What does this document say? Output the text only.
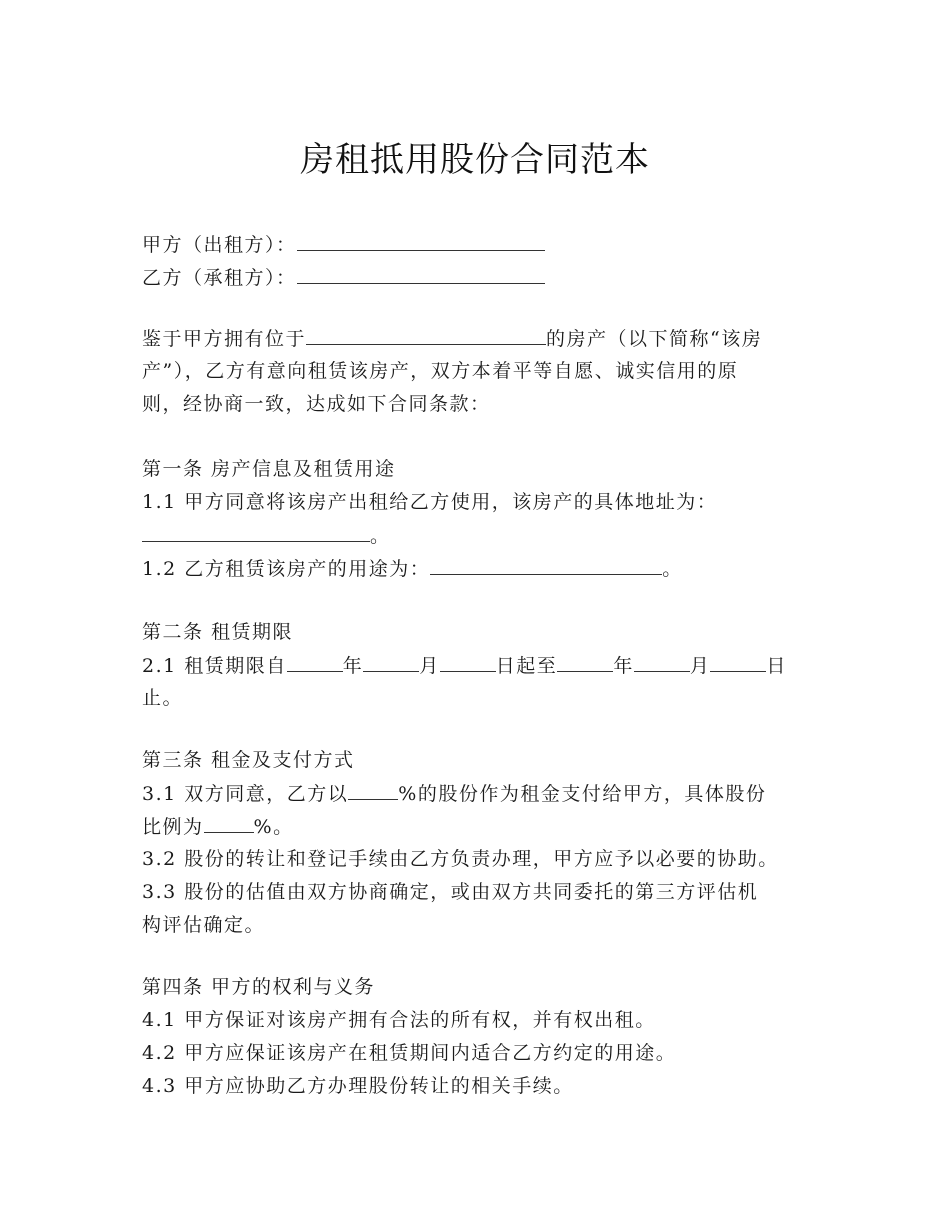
房租抵用股份合同范本
甲方（出租方）：
乙方（承租方）：
鉴于甲方拥有位于	的房产（以下简称“该房
产”），乙方有意向租赁该房产，双方本着平等自愿、诚实信用的原
则，经协商一致，达成如下合同条款：
第一条 房产信息及租赁用途
1.1 甲方同意将该房产出租给乙方使用，该房产的具体地址为：
。
1.2 乙方租赁该房产的用途为：	。
第二条 租赁期限
2.1 租赁期限自	年	月	日起至	年	月	日
止。
第三条 租金及支付方式
3.1 双方同意，乙方以	%的股份作为租金支付给甲方，具体股份
比例为	%。
3.2 股份的转让和登记手续由乙方负责办理，甲方应予以必要的协助。
3.3 股份的估值由双方协商确定，或由双方共同委托的第三方评估机
构评估确定。
第四条 甲方的权利与义务
4.1 甲方保证对该房产拥有合法的所有权，并有权出租。
4.2 甲方应保证该房产在租赁期间内适合乙方约定的用途。
4.3 甲方应协助乙方办理股份转让的相关手续。
